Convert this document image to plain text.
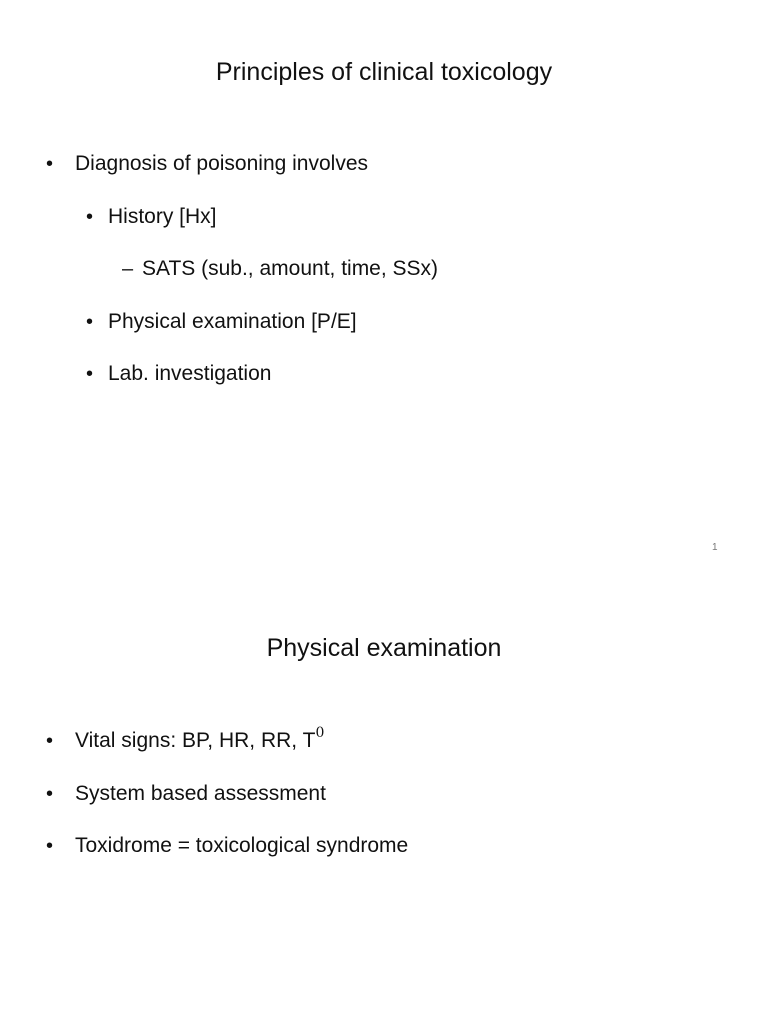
Principles of clinical toxicology
• Diagnosis of poisoning involves
• History [Hx]
– SATS (sub., amount, time, SSx)
• Physical examination [P/E]
• Lab. investigation
1
Physical examination
• Vital signs: BP, HR, RR, $T^0$
• System based assessment
• Toxidrome = toxicological syndrome
